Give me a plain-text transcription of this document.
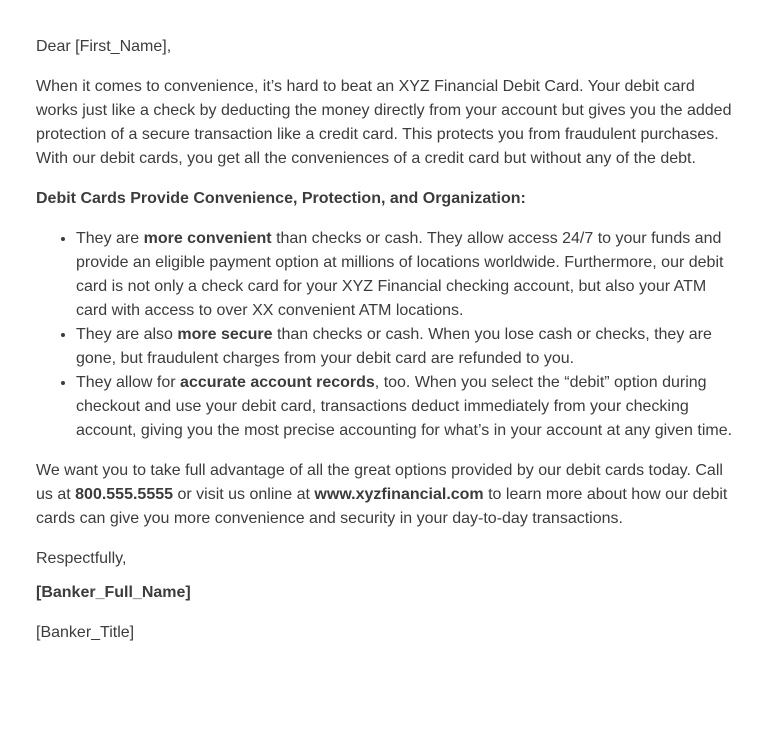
Dear [First_Name],

When it comes to convenience, it’s hard to beat an XYZ Financial Debit Card. Your debit card works just like a check by deducting the money directly from your account but gives you the added protection of a secure transaction like a credit card. This protects you from fraudulent purchases. With our debit cards, you get all the conveniences of a credit card but without any of the debt.

Debit Cards Provide Convenience, Protection, and Organization:

• They are more convenient than checks or cash. They allow access 24/7 to your funds and provide an eligible payment option at millions of locations worldwide. Furthermore, our debit card is not only a check card for your XYZ Financial checking account, but also your ATM card with access to over XX convenient ATM locations.
• They are also more secure than checks or cash. When you lose cash or checks, they are gone, but fraudulent charges from your debit card are refunded to you.
• They allow for accurate account records, too. When you select the “debit” option during checkout and use your debit card, transactions deduct immediately from your checking account, giving you the most precise accounting for what’s in your account at any given time.

We want you to take full advantage of all the great options provided by our debit cards today. Call us at 800.555.5555 or visit us online at www.xyzfinancial.com to learn more about how our debit cards can give you more convenience and security in your day-to-day transactions.

Respectfully,

[Banker_Full_Name]

[Banker_Title]
